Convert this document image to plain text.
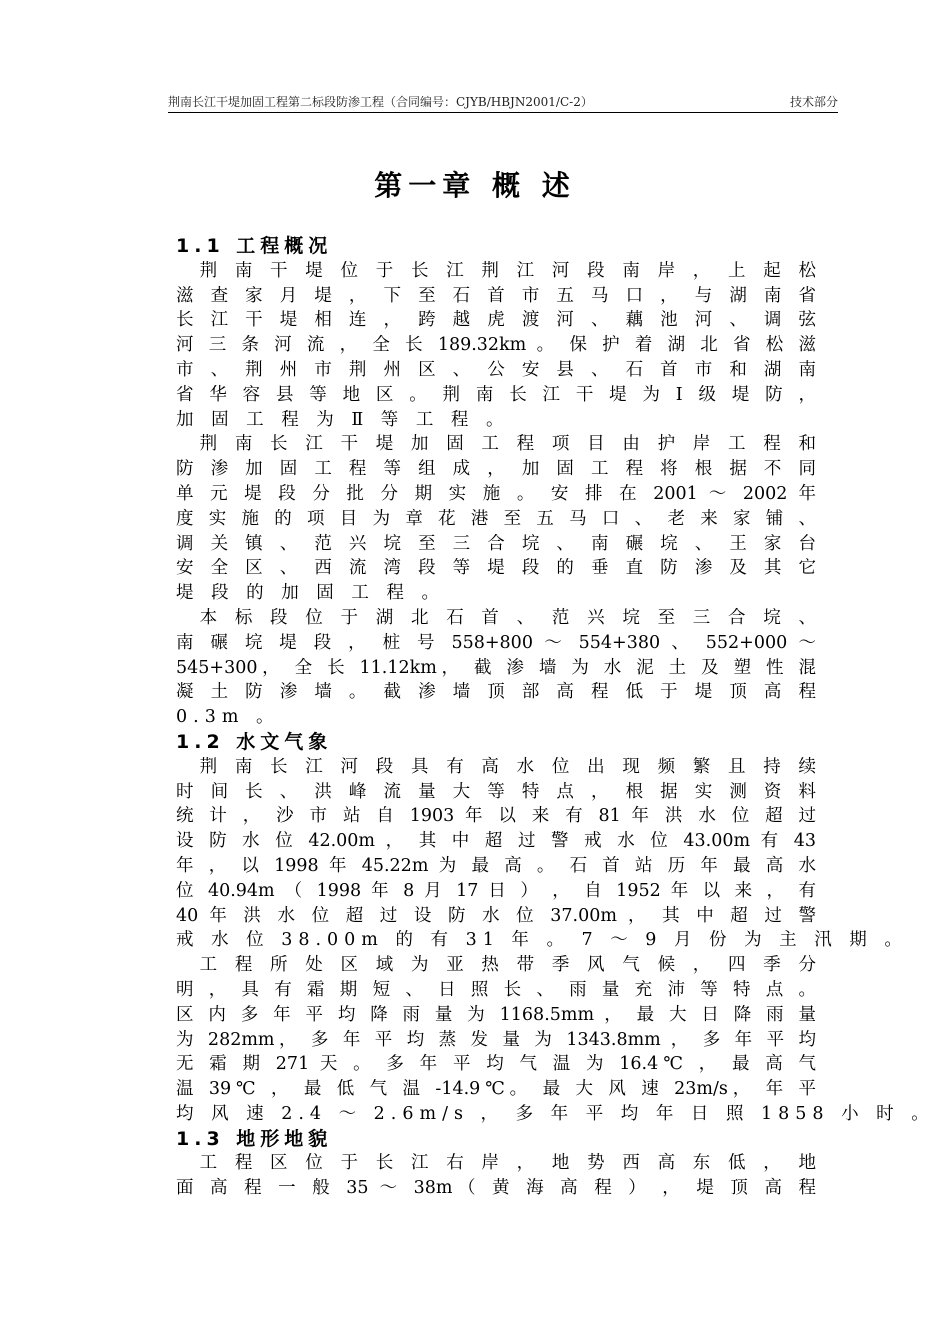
荆南长江干堤加固工程第二标段防渗工程（合同编号：CJYB/HBJN2001/C-2）	技术部分
第一章 概 述
1.1 工程概况
　荆 南 干 堤 位 于 长 江 荆 江 河 段 南 岸 ， 上 起 松
滋 查 家 月 堤 ， 下 至 石 首 市 五 马 口 ， 与 湖 南 省
长 江 干 堤 相 连 ， 跨 越 虎 渡 河 、 藕 池 河 、 调 弦
河 三 条 河 流 ， 全 长 189.32km 。 保 护 着 湖 北 省 松 滋
市 、 荆 州 市 荆 州 区 、 公 安 县 、 石 首 市 和 湖 南
省 华 容 县 等 地 区 。 荆 南 长 江 干 堤 为 Ⅰ 级 堤 防 ，
加 固 工 程 为 Ⅱ 等 工 程 。
　荆 南 长 江 干 堤 加 固 工 程 项 目 由 护 岸 工 程 和
防 渗 加 固 工 程 等 组 成 ， 加 固 工 程 将 根 据 不 同
单 元 堤 段 分 批 分 期 实 施 。 安 排 在 2001 ～ 2002 年
度 实 施 的 项 目 为 章 花 港 至 五 马 口 、 老 来 家 铺 、
调 关 镇 、 范 兴 垸 至 三 合 垸 、 南 碾 垸 、 王 家 台
安 全 区 、 西 流 湾 段 等 堤 段 的 垂 直 防 渗 及 其 它
堤 段 的 加 固 工 程 。
　本 标 段 位 于 湖 北 石 首 、 范 兴 垸 至 三 合 垸 、
南 碾 垸 堤 段 ， 桩 号 558+800 ～ 554+380 、 552+000 ～
545+300， 全 长 11.12km， 截 渗 墙 为 水 泥 土 及 塑 性 混
凝 土 防 渗 墙 。 截 渗 墙 顶 部 高 程 低 于 堤 顶 高 程
0.3m 。
1.2 水文气象
　荆 南 长 江 河 段 具 有 高 水 位 出 现 频 繁 且 持 续
时 间 长 、 洪 峰 流 量 大 等 特 点 ， 根 据 实 测 资 料
统 计 ， 沙 市 站 自 1903 年 以 来 有 81 年 洪 水 位 超 过
设 防 水 位 42.00m ， 其 中 超 过 警 戒 水 位 43.00m 有 43
年 ， 以 1998 年 45.22m 为 最 高 。 石 首 站 历 年 最 高 水
位 40.94m （ 1998 年 8 月 17 日 ） ， 自 1952 年 以 来 ， 有
40 年 洪 水 位 超 过 设 防 水 位 37.00m ， 其 中 超 过 警
戒 水 位 38.00m 的 有 31 年 。 7 ～ 9 月 份 为 主 汛 期 。
　工 程 所 处 区 域 为 亚 热 带 季 风 气 候 ， 四 季 分
明 ， 具 有 霜 期 短 、 日 照 长 、 雨 量 充 沛 等 特 点 。
区 内 多 年 平 均 降 雨 量 为 1168.5mm ， 最 大 日 降 雨 量
为 282mm， 多 年 平 均 蒸 发 量 为 1343.8mm ， 多 年 平 均
无 霜 期 271 天 。 多 年 平 均 气 温 为 16.4℃ ， 最 高 气
温 39℃ ， 最 低 气 温 -14.9℃。 最 大 风 速 23m/s， 年 平
均 风 速 2.4 ～ 2.6m/s ， 多 年 平 均 年 日 照 1858 小 时 。
1.3 地形地貌
　工 程 区 位 于 长 江 右 岸 ， 地 势 西 高 东 低 ， 地
面 高 程 一 般 35 ～ 38m（ 黄 海 高 程 ） ， 堤 顶 高 程
